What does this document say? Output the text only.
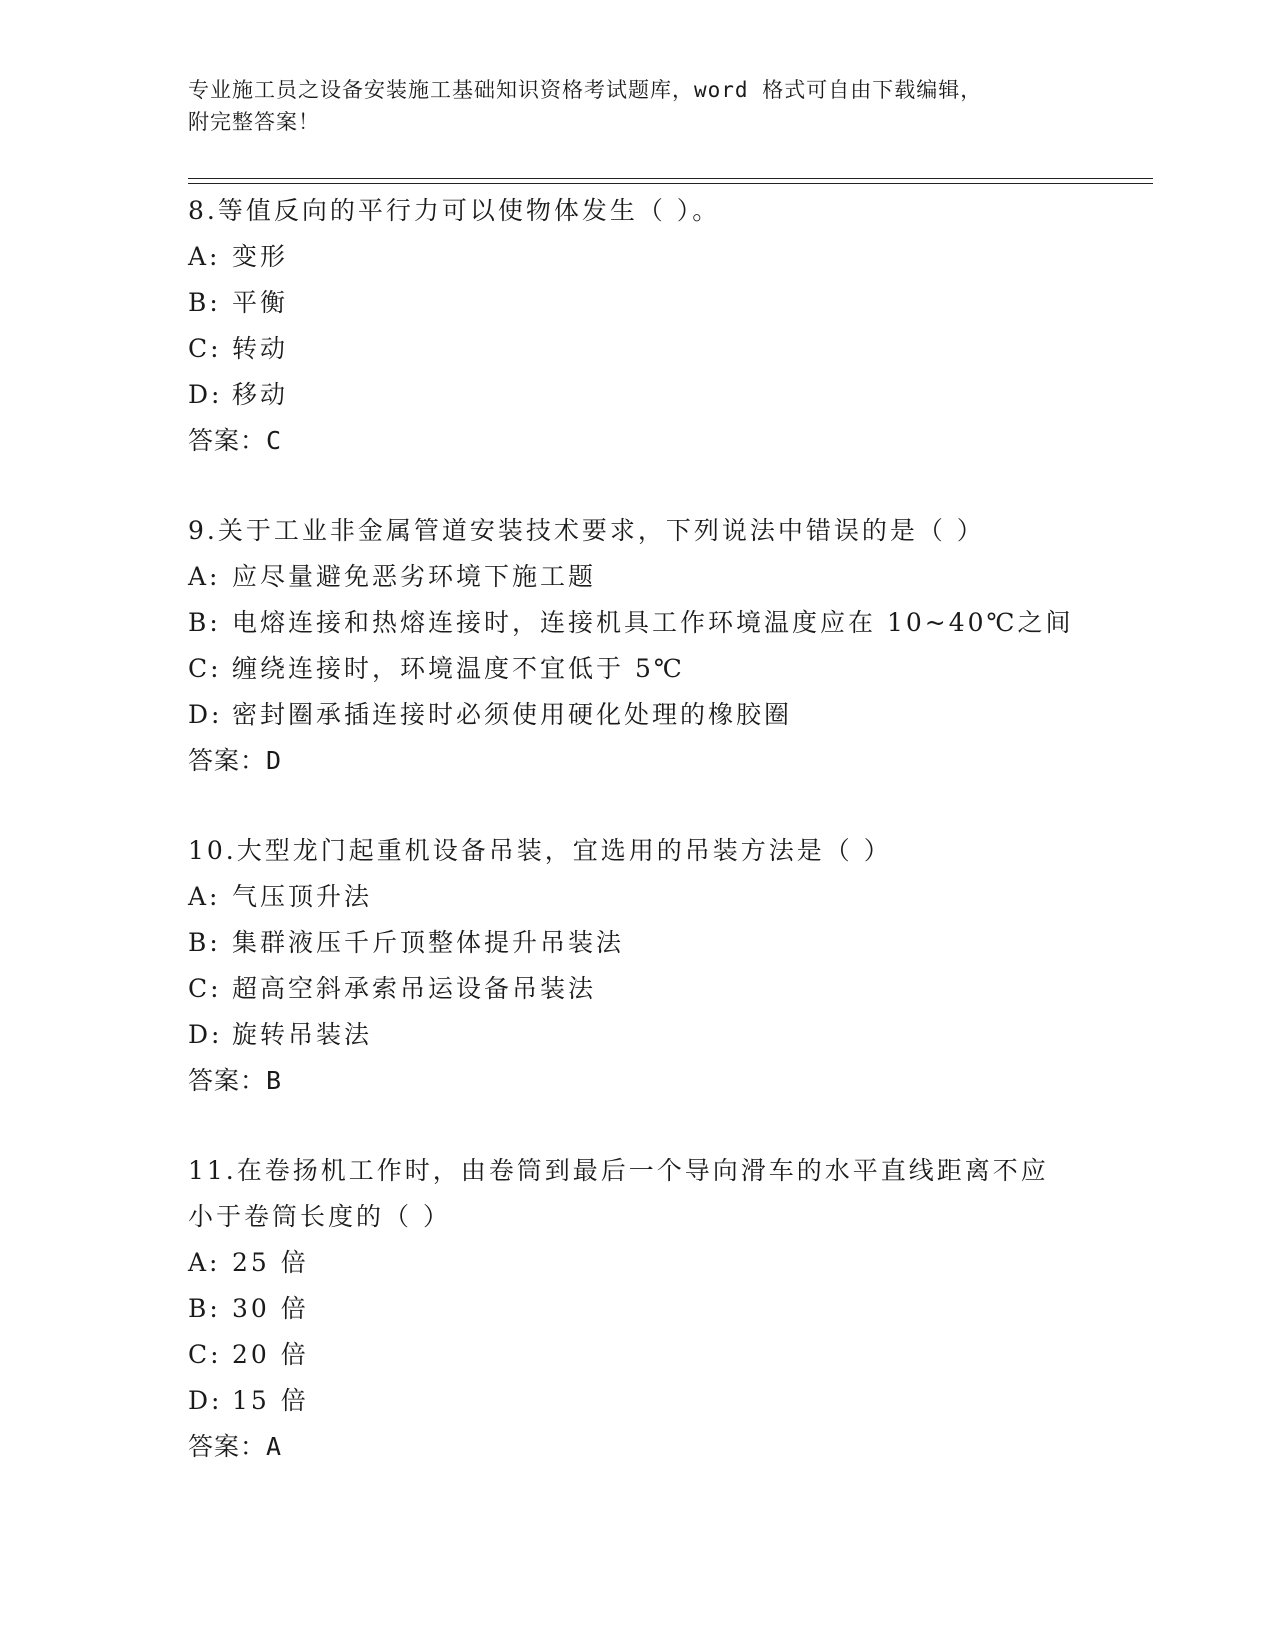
专业施工员之设备安装施工基础知识资格考试题库，word 格式可自由下载编辑，
附完整答案！
8.等值反向的平行力可以使物体发生（ ）。
A: 变形
B: 平衡
C: 转动
D: 移动
答案：C
9.关于工业非金属管道安装技术要求，下列说法中错误的是（ ）
A: 应尽量避免恶劣环境下施工题
B: 电熔连接和热熔连接时，连接机具工作环境温度应在 10~40℃之间
C: 缠绕连接时，环境温度不宜低于 5℃
D: 密封圈承插连接时必须使用硬化处理的橡胶圈
答案：D
10.大型龙门起重机设备吊装，宜选用的吊装方法是（ ）
A: 气压顶升法
B: 集群液压千斤顶整体提升吊装法
C: 超高空斜承索吊运设备吊装法
D: 旋转吊装法
答案：B
11.在卷扬机工作时，由卷筒到最后一个导向滑车的水平直线距离不应
小于卷筒长度的（ ）
A: 25 倍
B: 30 倍
C: 20 倍
D: 15 倍
答案：A
